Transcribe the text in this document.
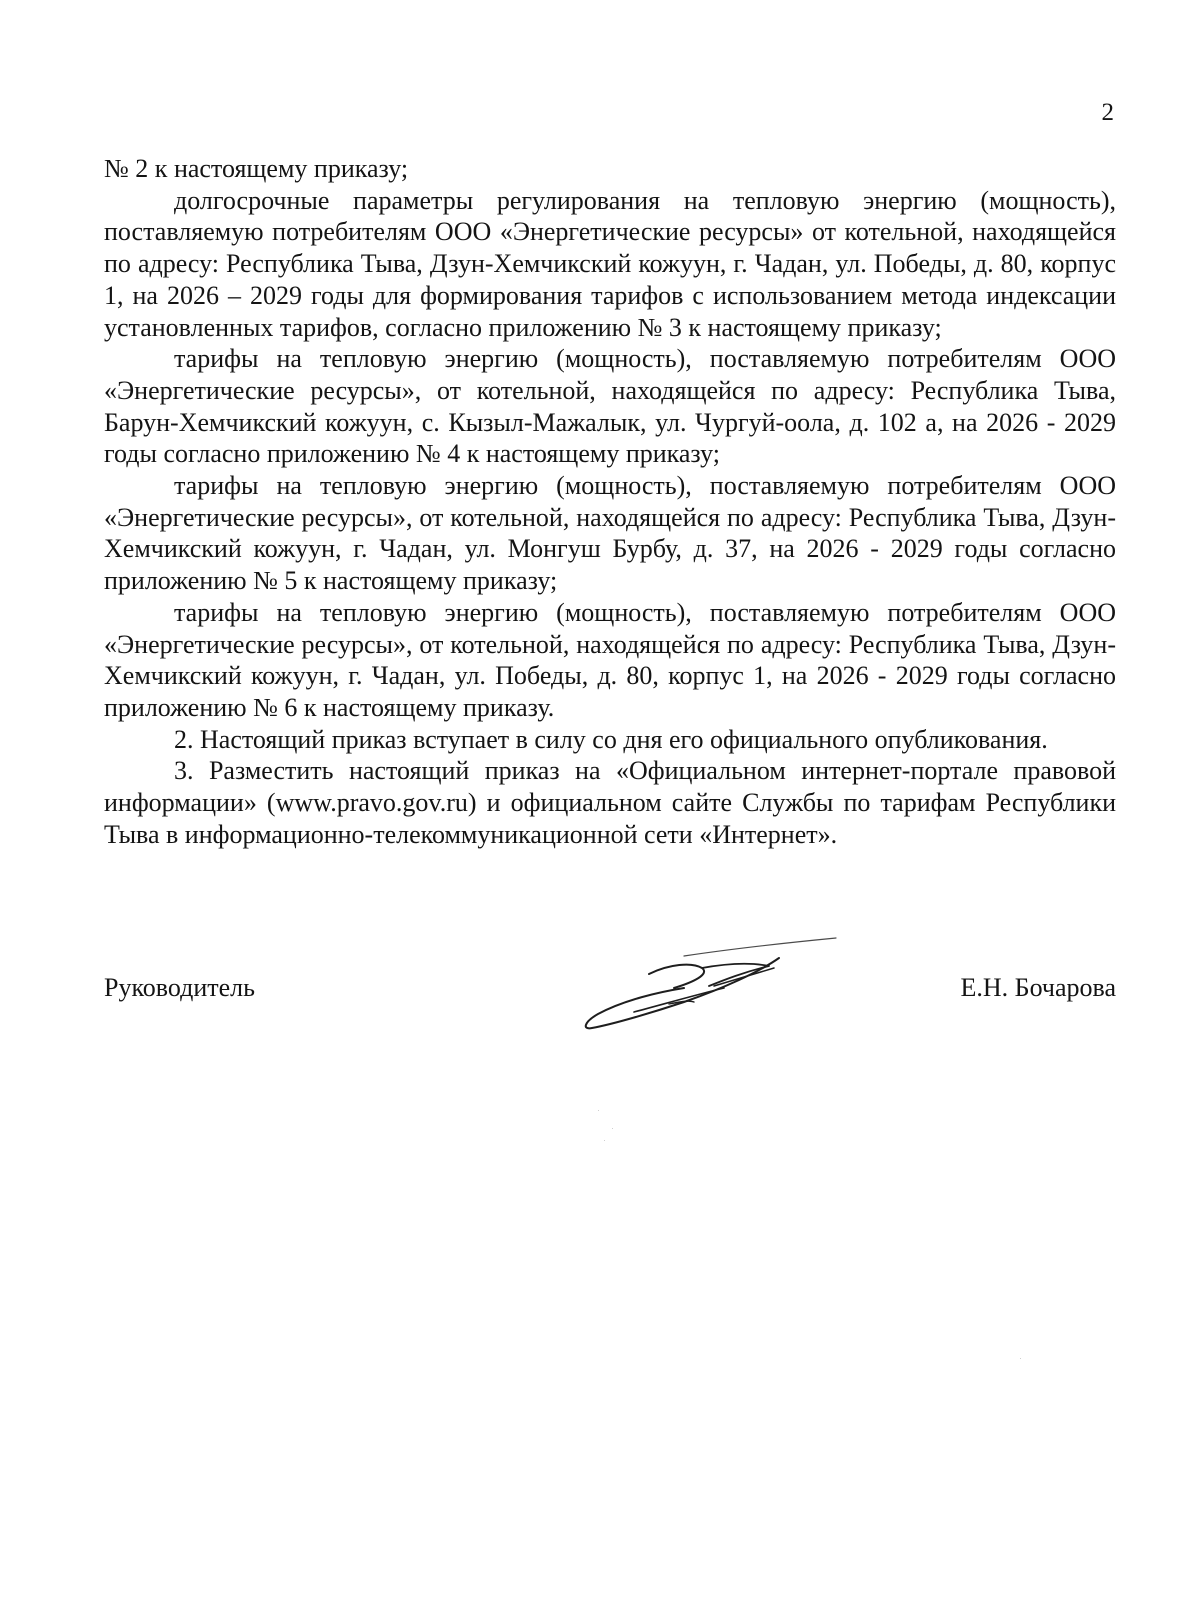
2

№ 2 к настоящему приказу;

долгосрочные параметры регулирования на тепловую энергию (мощность), поставляемую потребителям ООО «Энергетические ресурсы» от котельной, находящейся по адресу: Республика Тыва, Дзун-Хемчикский кожуун, г. Чадан, ул. Победы, д. 80, корпус 1, на 2026 – 2029 годы для формирования тарифов с использованием метода индексации установленных тарифов, согласно приложению № 3 к настоящему приказу;

тарифы на тепловую энергию (мощность), поставляемую потребителям ООО «Энергетические ресурсы», от котельной, находящейся по адресу: Республика Тыва, Барун-Хемчикский кожуун, с. Кызыл-Мажалык, ул. Чургуй-оола, д. 102 а, на 2026 - 2029 годы согласно приложению № 4 к настоящему приказу;

тарифы на тепловую энергию (мощность), поставляемую потребителям ООО «Энергетические ресурсы», от котельной, находящейся по адресу: Республика Тыва, Дзун-Хемчикский кожуун, г. Чадан, ул. Монгуш Бурбу, д. 37, на 2026 - 2029 годы согласно приложению № 5 к настоящему приказу;

тарифы на тепловую энергию (мощность), поставляемую потребителям ООО «Энергетические ресурсы», от котельной, находящейся по адресу: Республика Тыва, Дзун-Хемчикский кожуун, г. Чадан, ул. Победы, д. 80, корпус 1, на 2026 - 2029 годы согласно приложению № 6 к настоящему приказу.

2. Настоящий приказ вступает в силу со дня его официального опубликования.

3. Разместить настоящий приказ на «Официальном интернет-портале правовой информации» (www.pravo.gov.ru) и официальном сайте Службы по тарифам Республики Тыва в информационно-телекоммуникационной сети «Интернет».

Руководитель	Е.Н. Бочарова
